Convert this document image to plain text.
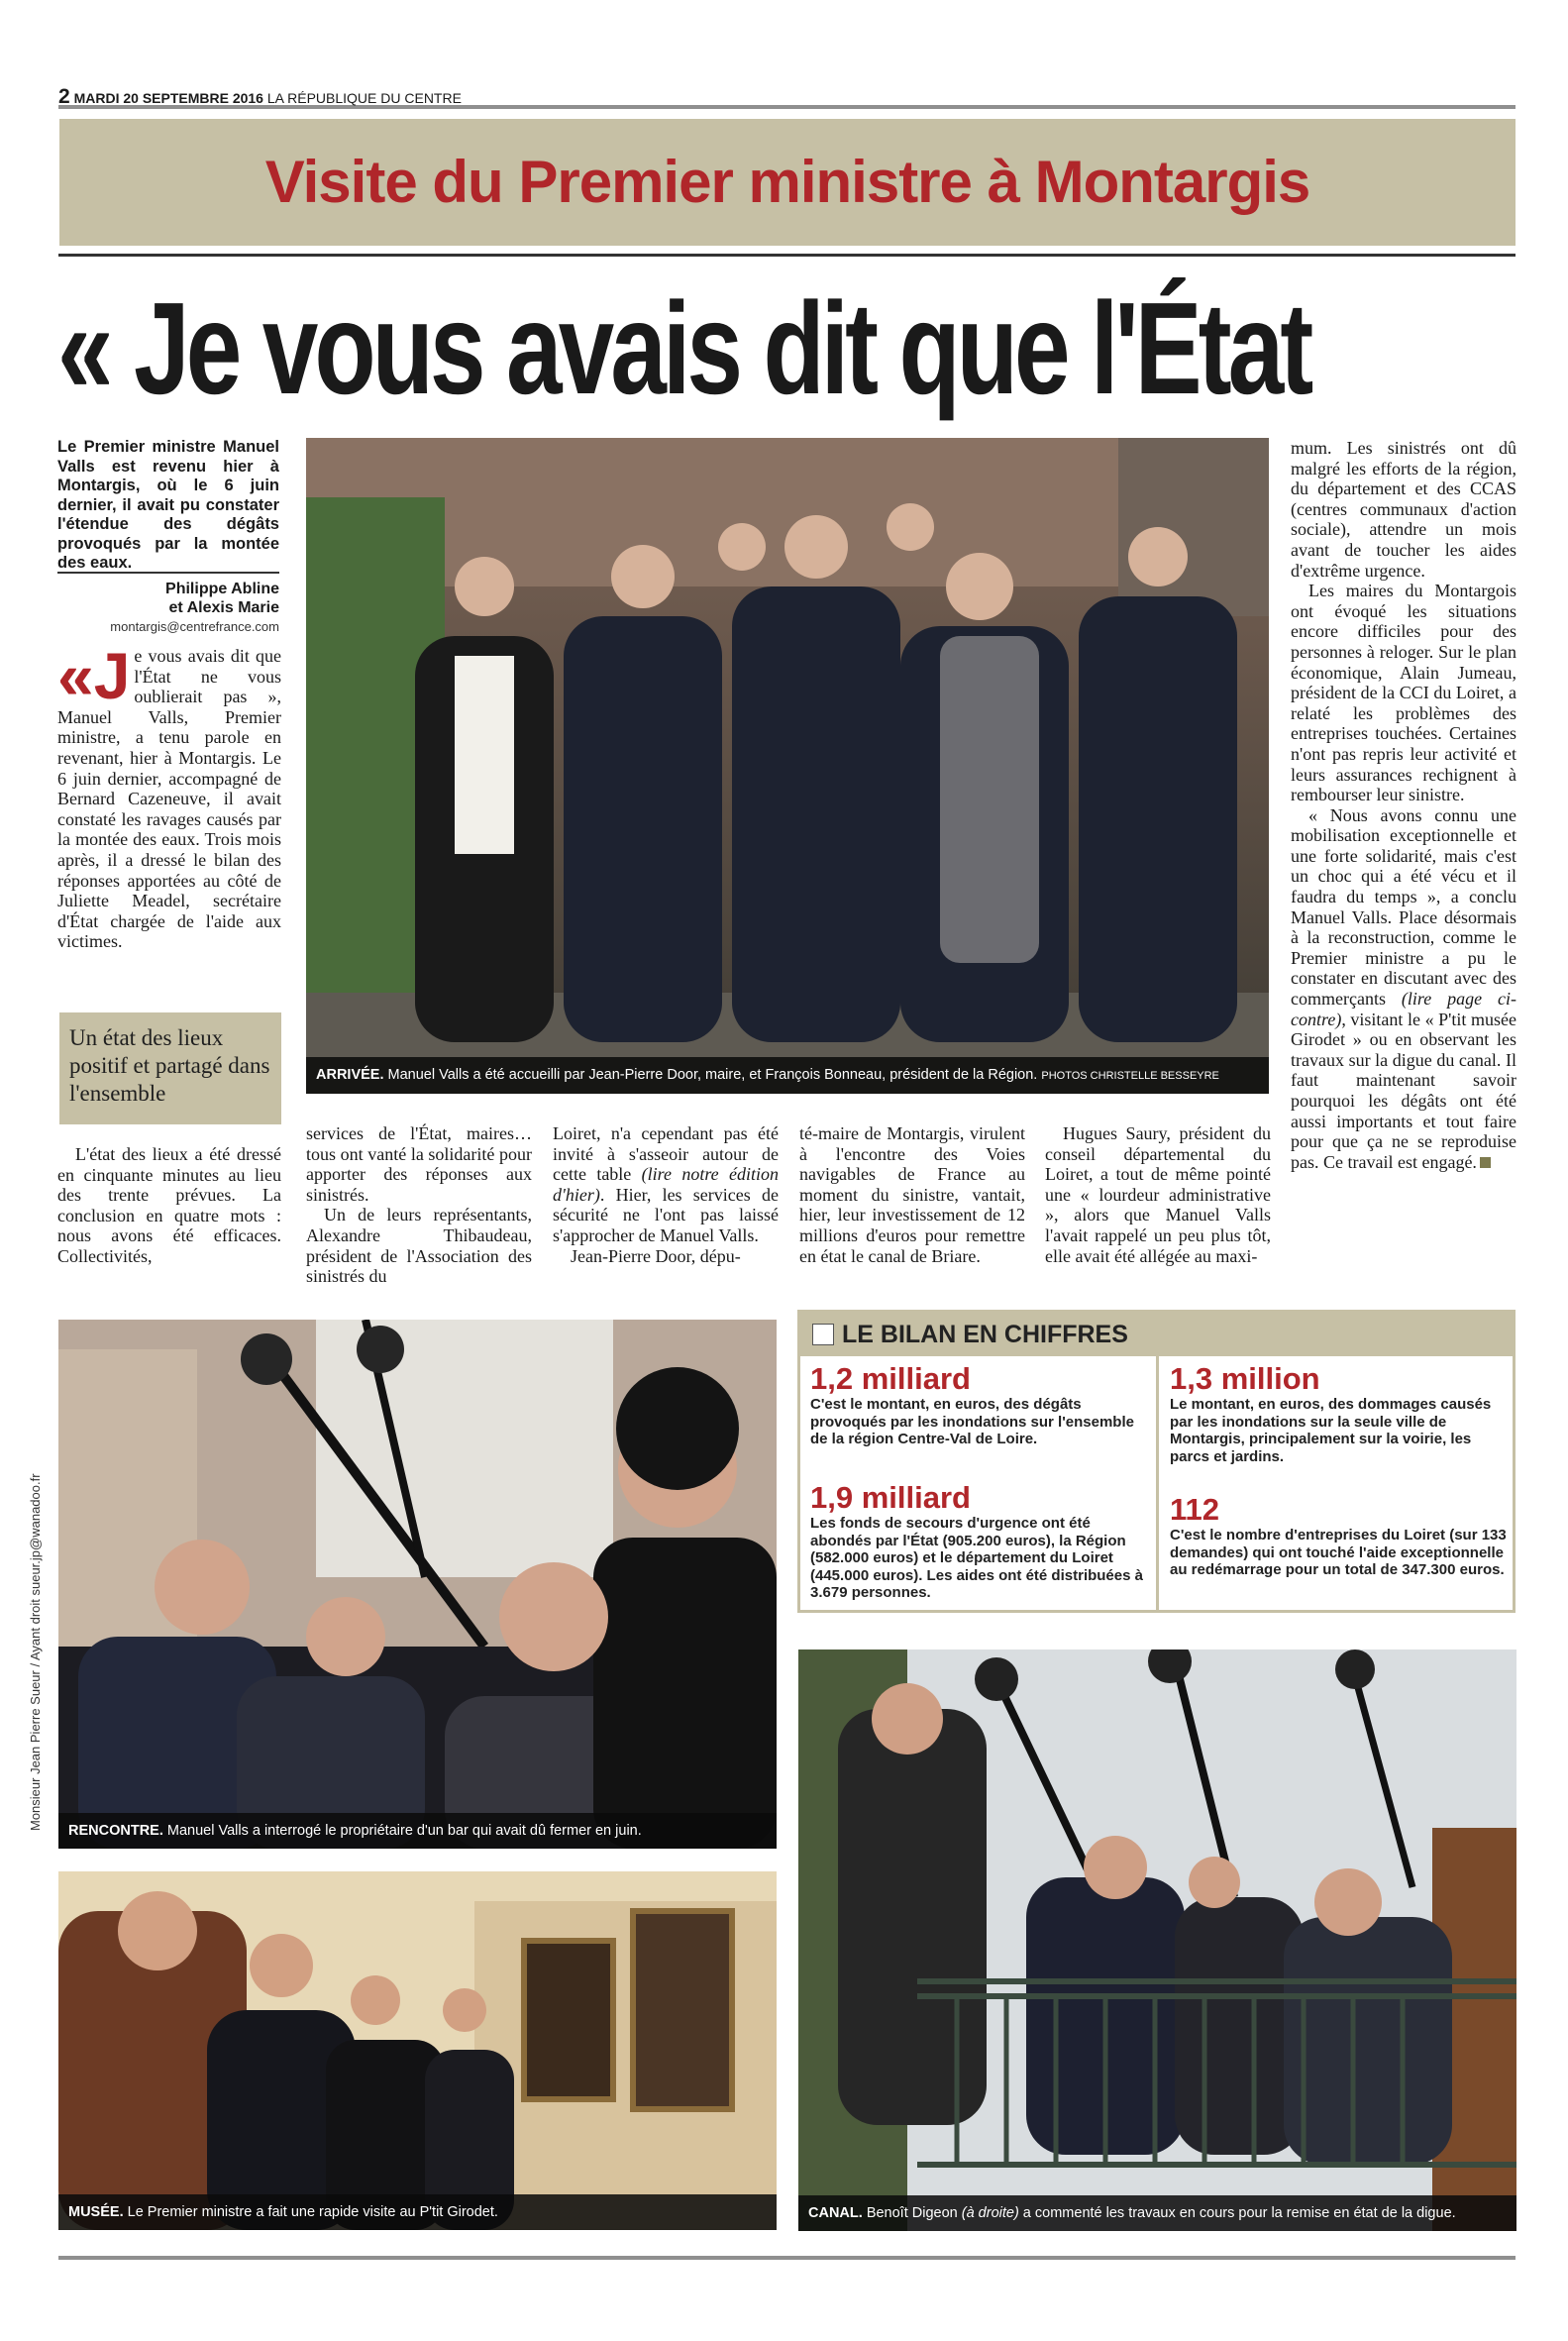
2 MARDI 20 SEPTEMBRE 2016 LA RÉPUBLIQUE DU CENTRE
Visite du Premier ministre à Montargis
« Je vous avais dit que l'État
Le Premier ministre Manuel Valls est revenu hier à Montargis, où le 6 juin dernier, il avait pu constater l'étendue des dégâts provoqués par la montée des eaux.
Philippe Abline
et Alexis Marie
montargis@centrefrance.com

«Je vous avais dit que l'État ne vous oublierait pas », Manuel Valls, Premier ministre, a tenu parole en revenant, hier à Montargis. Le 6 juin dernier, accompagné de Bernard Cazeneuve, il avait constaté les ravages causés par la montée des eaux. Trois mois après, il a dressé le bilan des réponses apportées au côté de Juliette Meadel, secrétaire d'État chargée de l'aide aux victimes.

Un état des lieux positif et partagé dans l'ensemble

L'état des lieux a été dressé en cinquante minutes au lieu des trente prévues. La conclusion en quatre mots : nous avons été efficaces. Collectivités,

ARRIVÉE. Manuel Valls a été accueilli par Jean-Pierre Door, maire, et François Bonneau, président de la Région. PHOTOS CHRISTELLE BESSEYRE

services de l'État, maires… tous ont vanté la solidarité pour apporter des réponses aux sinistrés.

Un de leurs représentants, Alexandre Thibaudeau, président de l'Association des sinistrés du

Loiret, n'a cependant pas été invité à s'asseoir autour de cette table (lire notre édition d'hier). Hier, les services de sécurité ne l'ont pas laissé s'approcher de Manuel Valls.

Jean-Pierre Door, dépu-

té-maire de Montargis, virulent à l'encontre des Voies navigables de France au moment du sinistre, vantait, hier, leur investissement de 12 millions d'euros pour remettre en état le canal de Briare.

Hugues Saury, président du conseil départemental du Loiret, a tout de même pointé une « lourdeur administrative », alors que Manuel Valls l'avait rappelé un peu plus tôt, elle avait été allégée au maxi-

mum. Les sinistrés ont dû malgré les efforts de la région, du département et des CCAS (centres communaux d'action sociale), attendre un mois avant de toucher les aides d'extrême urgence.

Les maires du Montargois ont évoqué les situations encore difficiles pour des personnes à reloger. Sur le plan économique, Alain Jumeau, président de la CCI du Loiret, a relaté les problèmes des entreprises touchées. Certaines n'ont pas repris leur activité et leurs assurances rechignent à rembourser leur sinistre.

« Nous avons connu une mobilisation exceptionnelle et une forte solidarité, mais c'est un choc qui a été vécu et il faudra du temps », a conclu Manuel Valls. Place désormais à la reconstruction, comme le Premier ministre a pu le constater en discutant avec des commerçants (lire page ci-contre), visitant le « P'tit musée Girodet » ou en observant les travaux sur la digue du canal. Il faut maintenant savoir pourquoi les dégâts ont été aussi importants et tout faire pour que ça ne se reproduise pas. Ce travail est engagé.

Monsieur Jean Pierre Sueur / Ayant droit sueur.jp@wanadoo.fr	RENCONTRE. Manuel Valls a interrogé le propriétaire d'un bar qui avait dû fermer en juin.
MUSÉE. Le Premier ministre a fait une rapide visite au P'tit Girodet.
LE BILAN EN CHIFFRES
1,2 milliard
C'est le montant, en euros, des dégâts provoqués par les inondations sur l'ensemble de la région Centre-Val de Loire.
1,9 milliard
Les fonds de secours d'urgence ont été abondés par l'État (905.200 euros), la Région (582.000 euros) et le département du Loiret (445.000 euros). Les aides ont été distribuées à 3.679 personnes.
1,3 million
Le montant, en euros, des dommages causés par les inondations sur la seule ville de Montargis, principalement sur la voirie, les parcs et jardins.
112
C'est le nombre d'entreprises du Loiret (sur 133 demandes) qui ont touché l'aide exceptionnelle au redémarrage pour un total de 347.300 euros.
CANAL. Benoît Digeon (à droite) a commenté les travaux en cours pour la remise en état de la digue.
